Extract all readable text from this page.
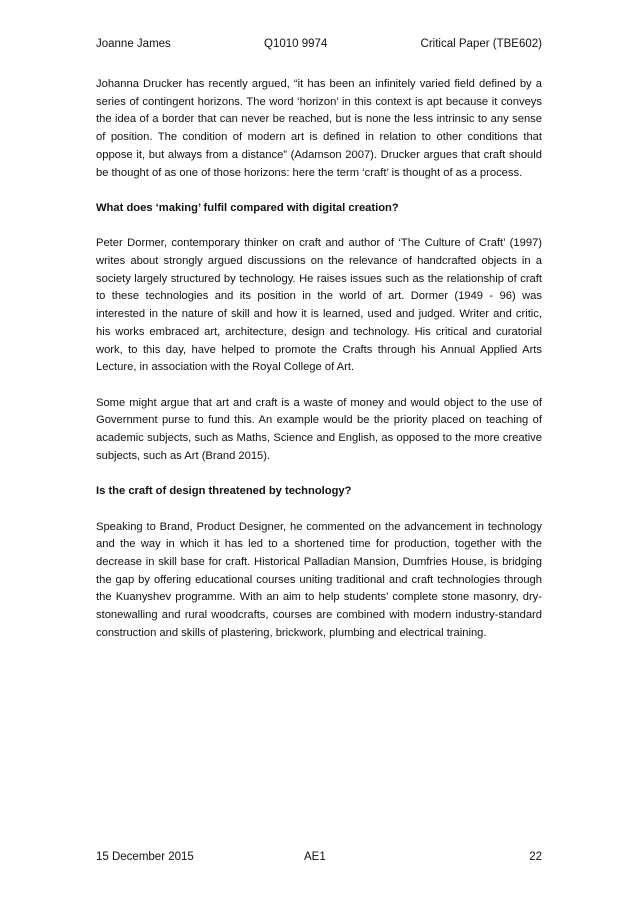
Joanne James	Q1010 9974	Critical Paper (TBE602)

Johanna Drucker has recently argued, “it has been an infinitely varied field defined by a series of contingent horizons. The word ‘horizon’ in this context is apt because it conveys the idea of a border that can never be reached, but is none the less intrinsic to any sense of position. The condition of modern art is defined in relation to other conditions that oppose it, but always from a distance” (Adamson 2007). Drucker argues that craft should be thought of as one of those horizons: here the term ‘craft’ is thought of as a process.

What does ‘making’ fulfil compared with digital creation?

Peter Dormer, contemporary thinker on craft and author of ‘The Culture of Craft’ (1997) writes about strongly argued discussions on the relevance of handcrafted objects in a society largely structured by technology. He raises issues such as the relationship of craft to these technologies and its position in the world of art. Dormer (1949 - 96) was interested in the nature of skill and how it is learned, used and judged. Writer and critic, his works embraced art, architecture, design and technology. His critical and curatorial work, to this day, have helped to promote the Crafts through his Annual Applied Arts Lecture, in association with the Royal College of Art.

Some might argue that art and craft is a waste of money and would object to the use of Government purse to fund this. An example would be the priority placed on teaching of academic subjects, such as Maths, Science and English, as opposed to the more creative subjects, such as Art (Brand 2015).

Is the craft of design threatened by technology?

Speaking to Brand, Product Designer, he commented on the advancement in technology and the way in which it has led to a shortened time for production, together with the decrease in skill base for craft. Historical Palladian Mansion, Dumfries House, is bridging the gap by offering educational courses uniting traditional and craft technologies through the Kuanyshev programme. With an aim to help students’ complete stone masonry, dry-stonewalling and rural woodcrafts, courses are combined with modern industry-standard construction and skills of plastering, brickwork, plumbing and electrical training.

15 December 2015	AE1	22
